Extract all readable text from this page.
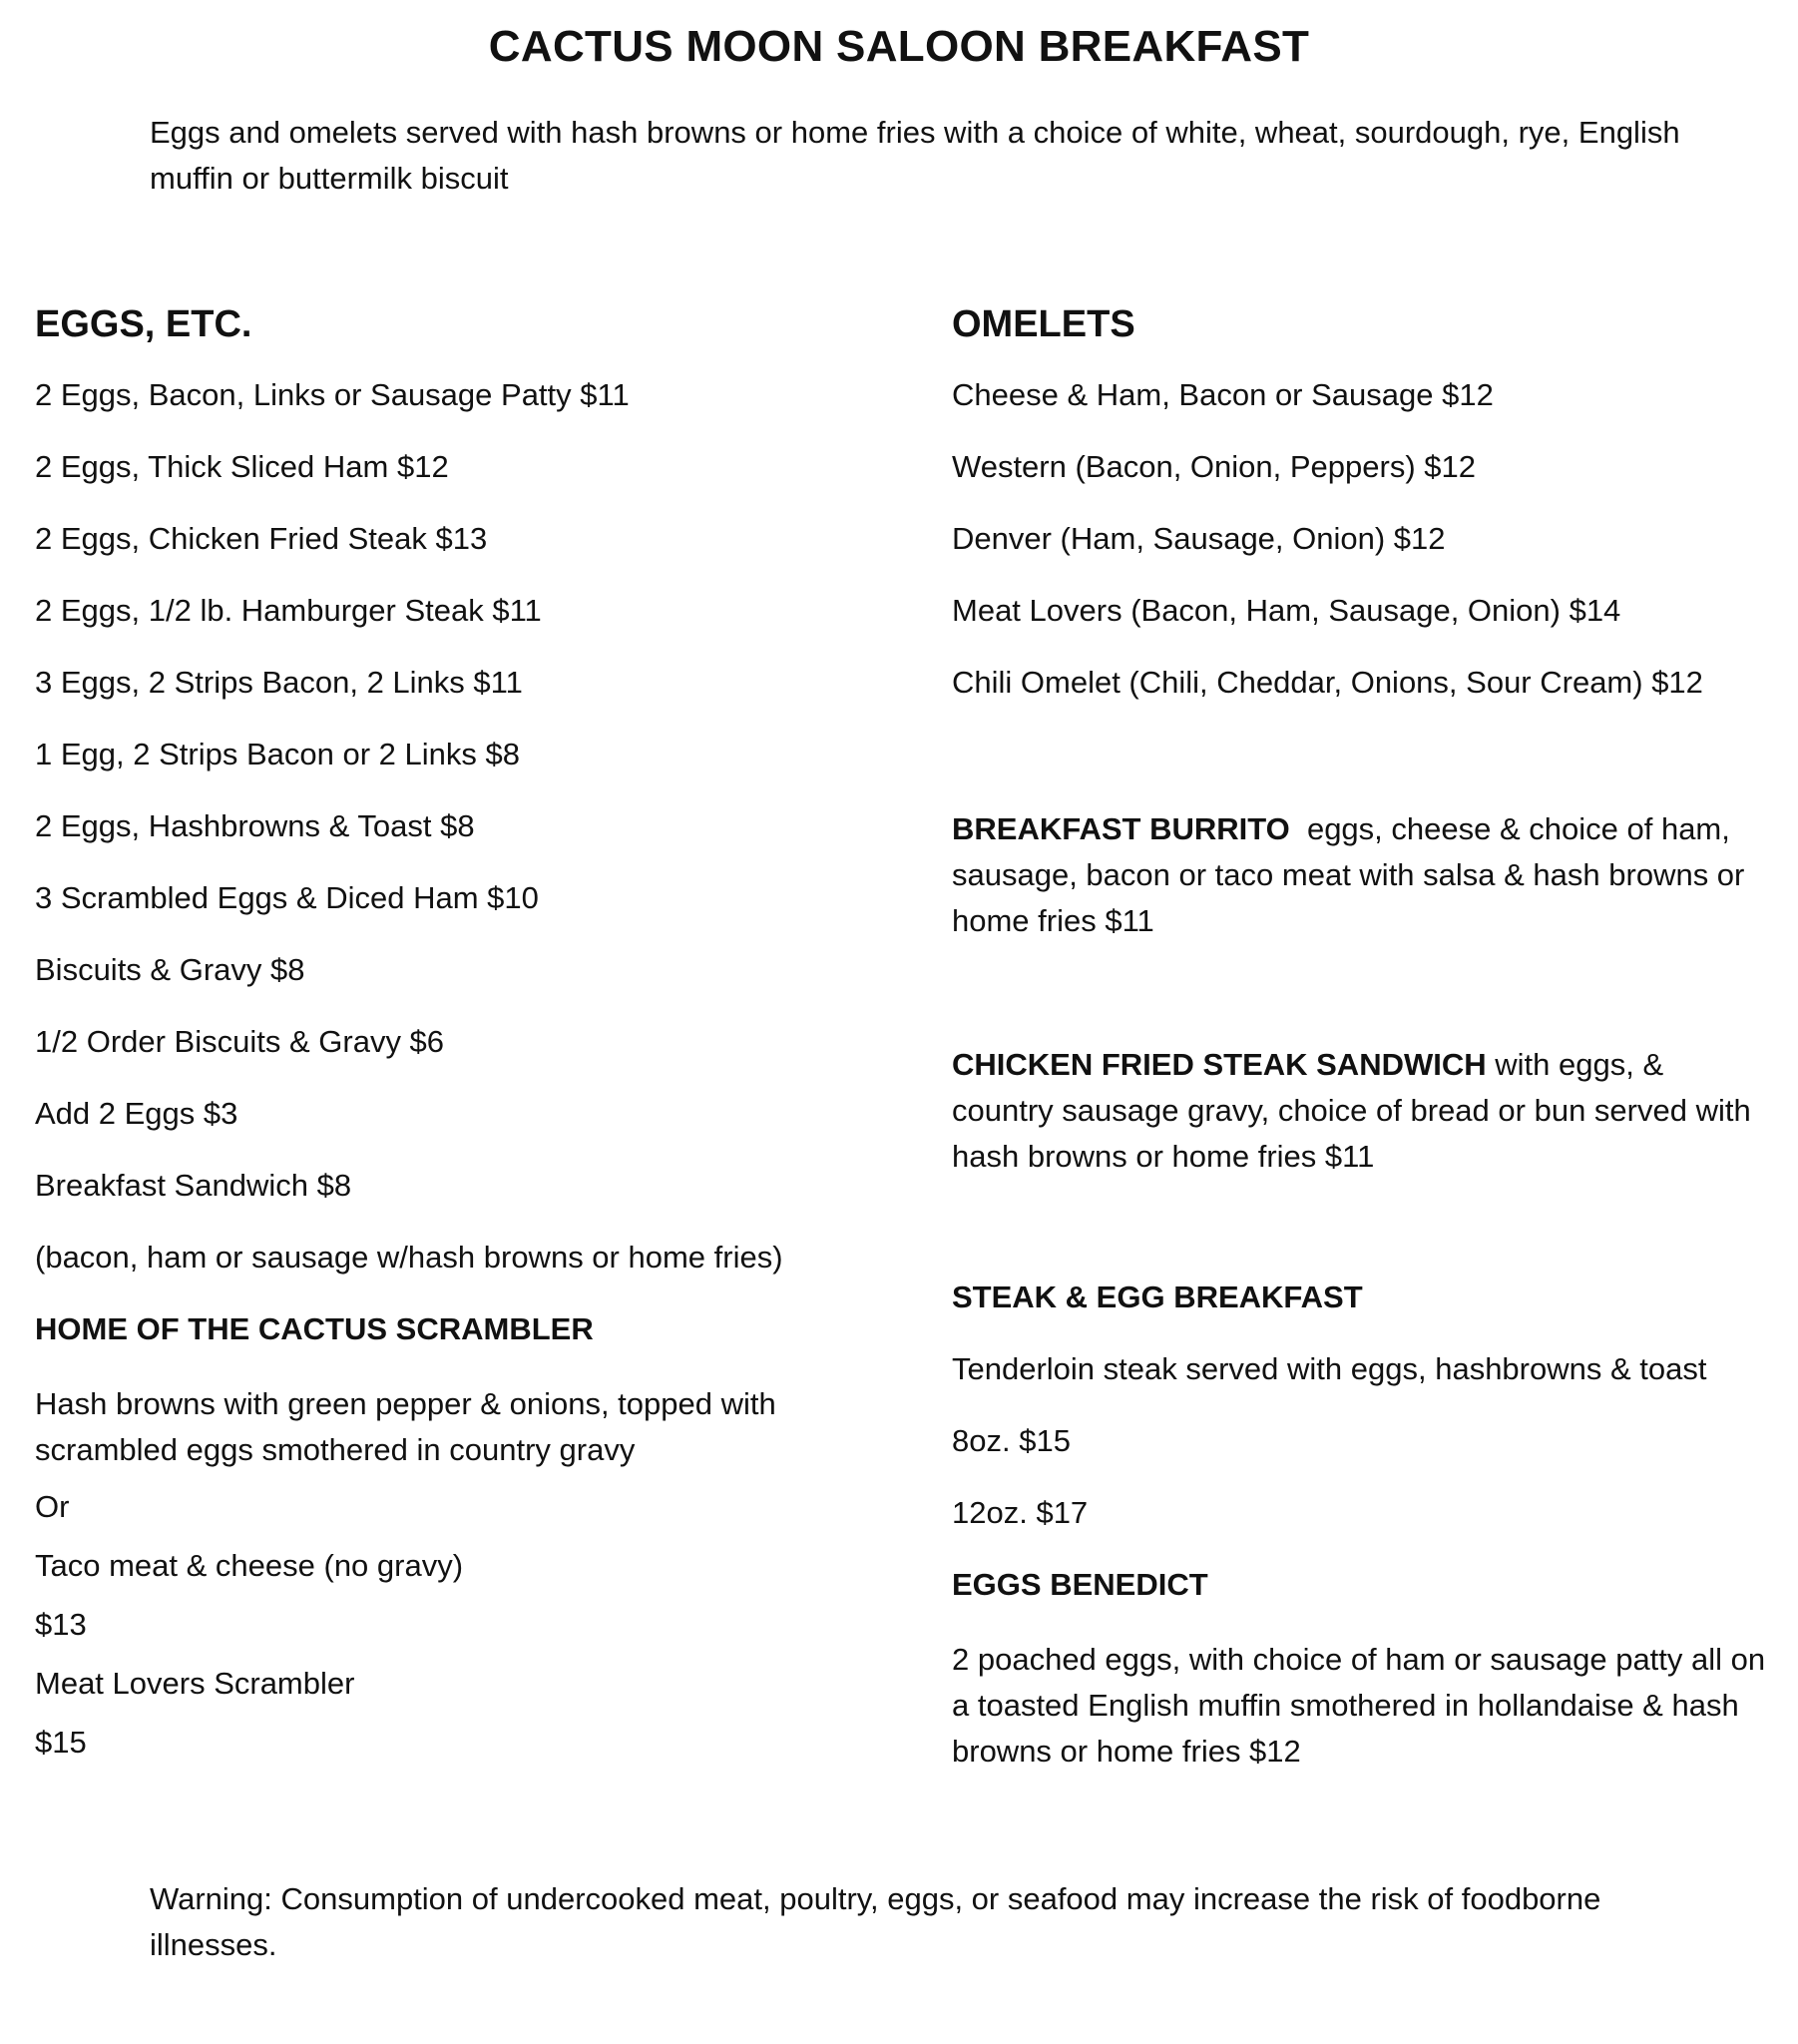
CACTUS MOON SALOON BREAKFAST
Eggs and omelets served with hash browns or home fries with a choice of white, wheat, sourdough, rye, English muffin or buttermilk biscuit
EGGS, ETC.
2 Eggs, Bacon, Links or Sausage Patty $11
2 Eggs, Thick Sliced Ham $12
2 Eggs, Chicken Fried Steak $13
2 Eggs, 1/2 lb. Hamburger Steak $11
3 Eggs, 2 Strips Bacon, 2 Links $11
1 Egg, 2 Strips Bacon or 2 Links $8
2 Eggs, Hashbrowns & Toast $8
3 Scrambled Eggs & Diced Ham $10
Biscuits & Gravy $8
1/2 Order Biscuits & Gravy $6
Add 2 Eggs $3
Breakfast Sandwich $8
(bacon, ham or sausage w/hash browns or home fries)
HOME OF THE CACTUS SCRAMBLER
Hash browns with green pepper & onions, topped with scrambled eggs smothered in country gravy
Or
Taco meat & cheese (no gravy)
$13
Meat Lovers Scrambler
$15
OMELETS
Cheese & Ham, Bacon or Sausage $12
Western (Bacon, Onion, Peppers) $12
Denver (Ham, Sausage, Onion) $12
Meat Lovers (Bacon, Ham, Sausage, Onion) $14
Chili Omelet (Chili, Cheddar, Onions, Sour Cream) $12
BREAKFAST BURRITO eggs, cheese & choice of ham, sausage, bacon or taco meat with salsa & hash browns or home fries $11
CHICKEN FRIED STEAK SANDWICH with eggs, & country sausage gravy, choice of bread or bun served with hash browns or home fries $11
STEAK & EGG BREAKFAST
Tenderloin steak served with eggs, hashbrowns & toast
8oz. $15
12oz. $17
EGGS BENEDICT
2 poached eggs, with choice of ham or sausage patty all on a toasted English muffin smothered in hollandaise & hash browns or home fries $12
Warning: Consumption of undercooked meat, poultry, eggs, or seafood may increase the risk of foodborne illnesses.
